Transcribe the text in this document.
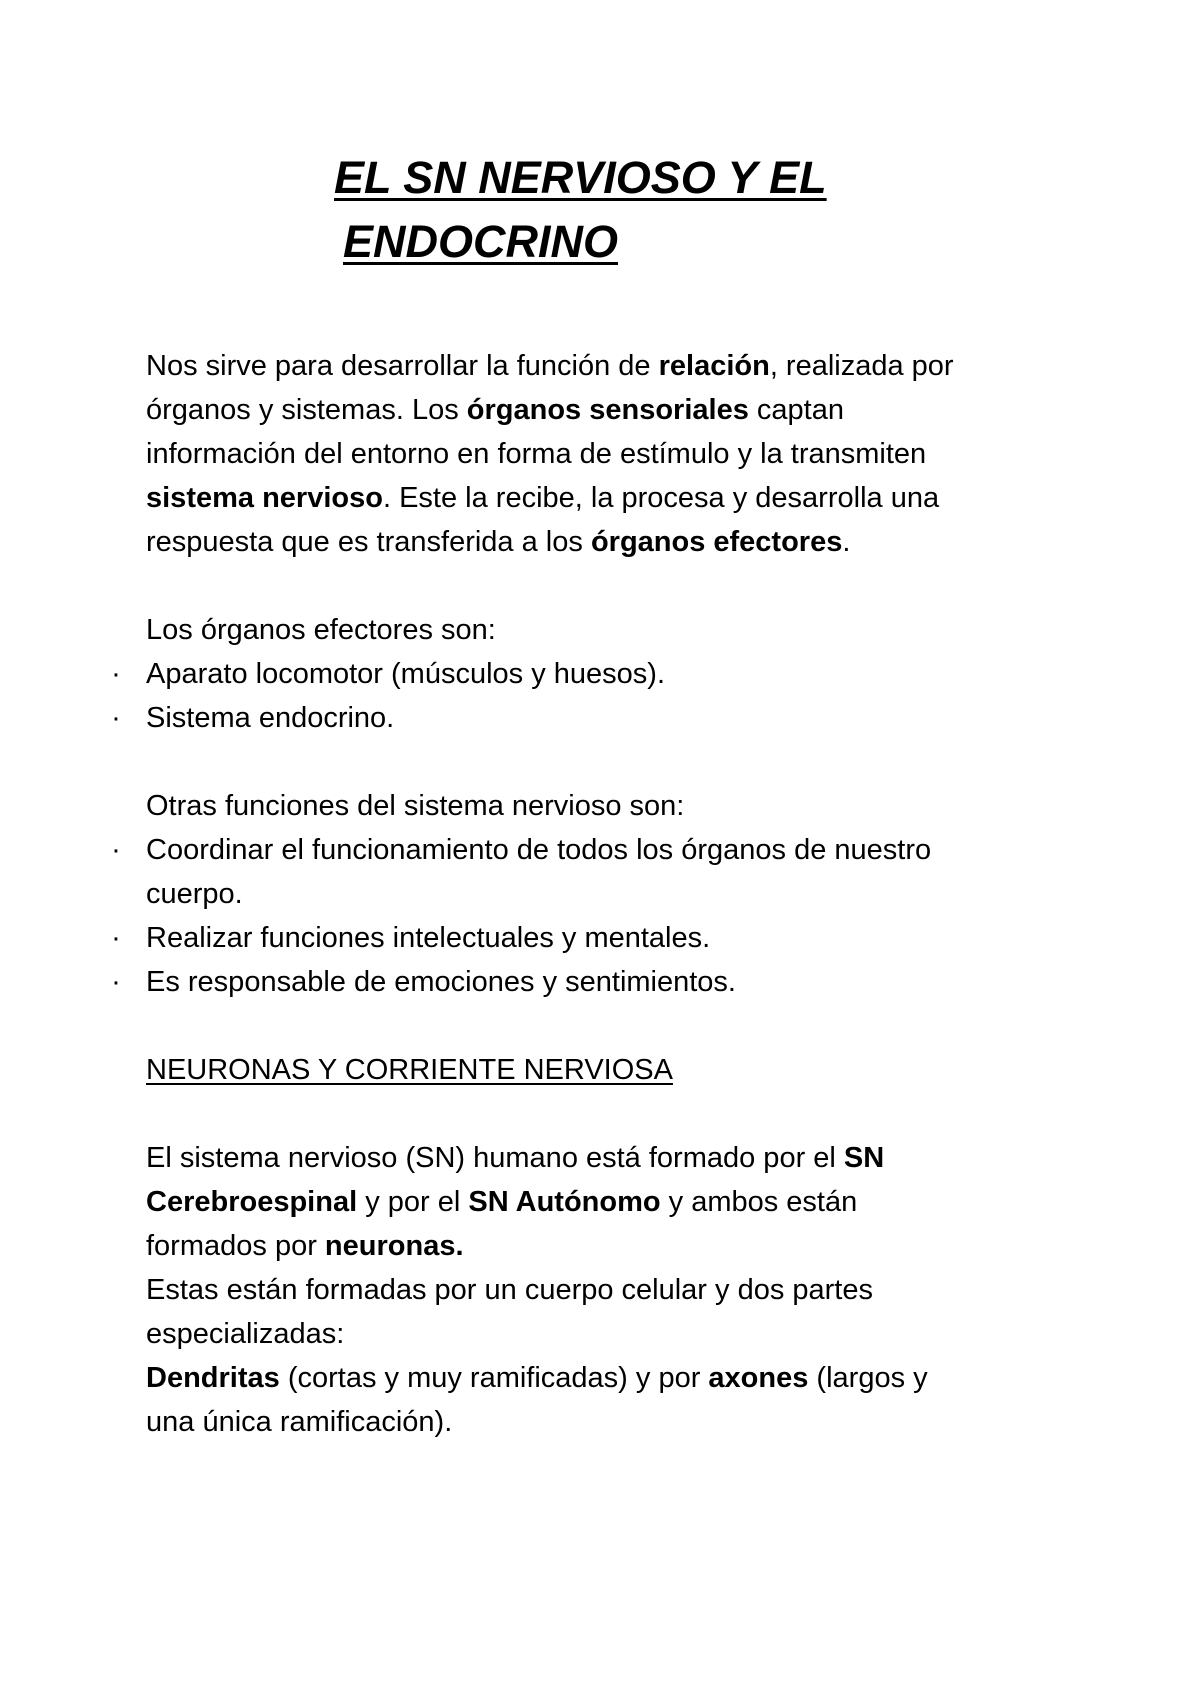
EL SN NERVIOSO Y EL
ENDOCRINO
Nos sirve para desarrollar la función de relación, realizada por
órganos y sistemas. Los órganos sensoriales captan
información del entorno en forma de estímulo y la transmiten
sistema nervioso. Este la recibe, la procesa y desarrolla una
respuesta que es transferida a los órganos efectores.
Los órganos efectores son:
· Aparato locomotor (músculos y huesos).
· Sistema endocrino.
Otras funciones del sistema nervioso son:
· Coordinar el funcionamiento de todos los órganos de nuestro
cuerpo.
· Realizar funciones intelectuales y mentales.
· Es responsable de emociones y sentimientos.
NEURONAS Y CORRIENTE NERVIOSA
El sistema nervioso (SN) humano está formado por el SN
Cerebroespinal y por el SN Autónomo y ambos están
formados por neuronas.
Estas están formadas por un cuerpo celular y dos partes
especializadas:
Dendritas (cortas y muy ramificadas) y por axones (largos y
una única ramificación).
